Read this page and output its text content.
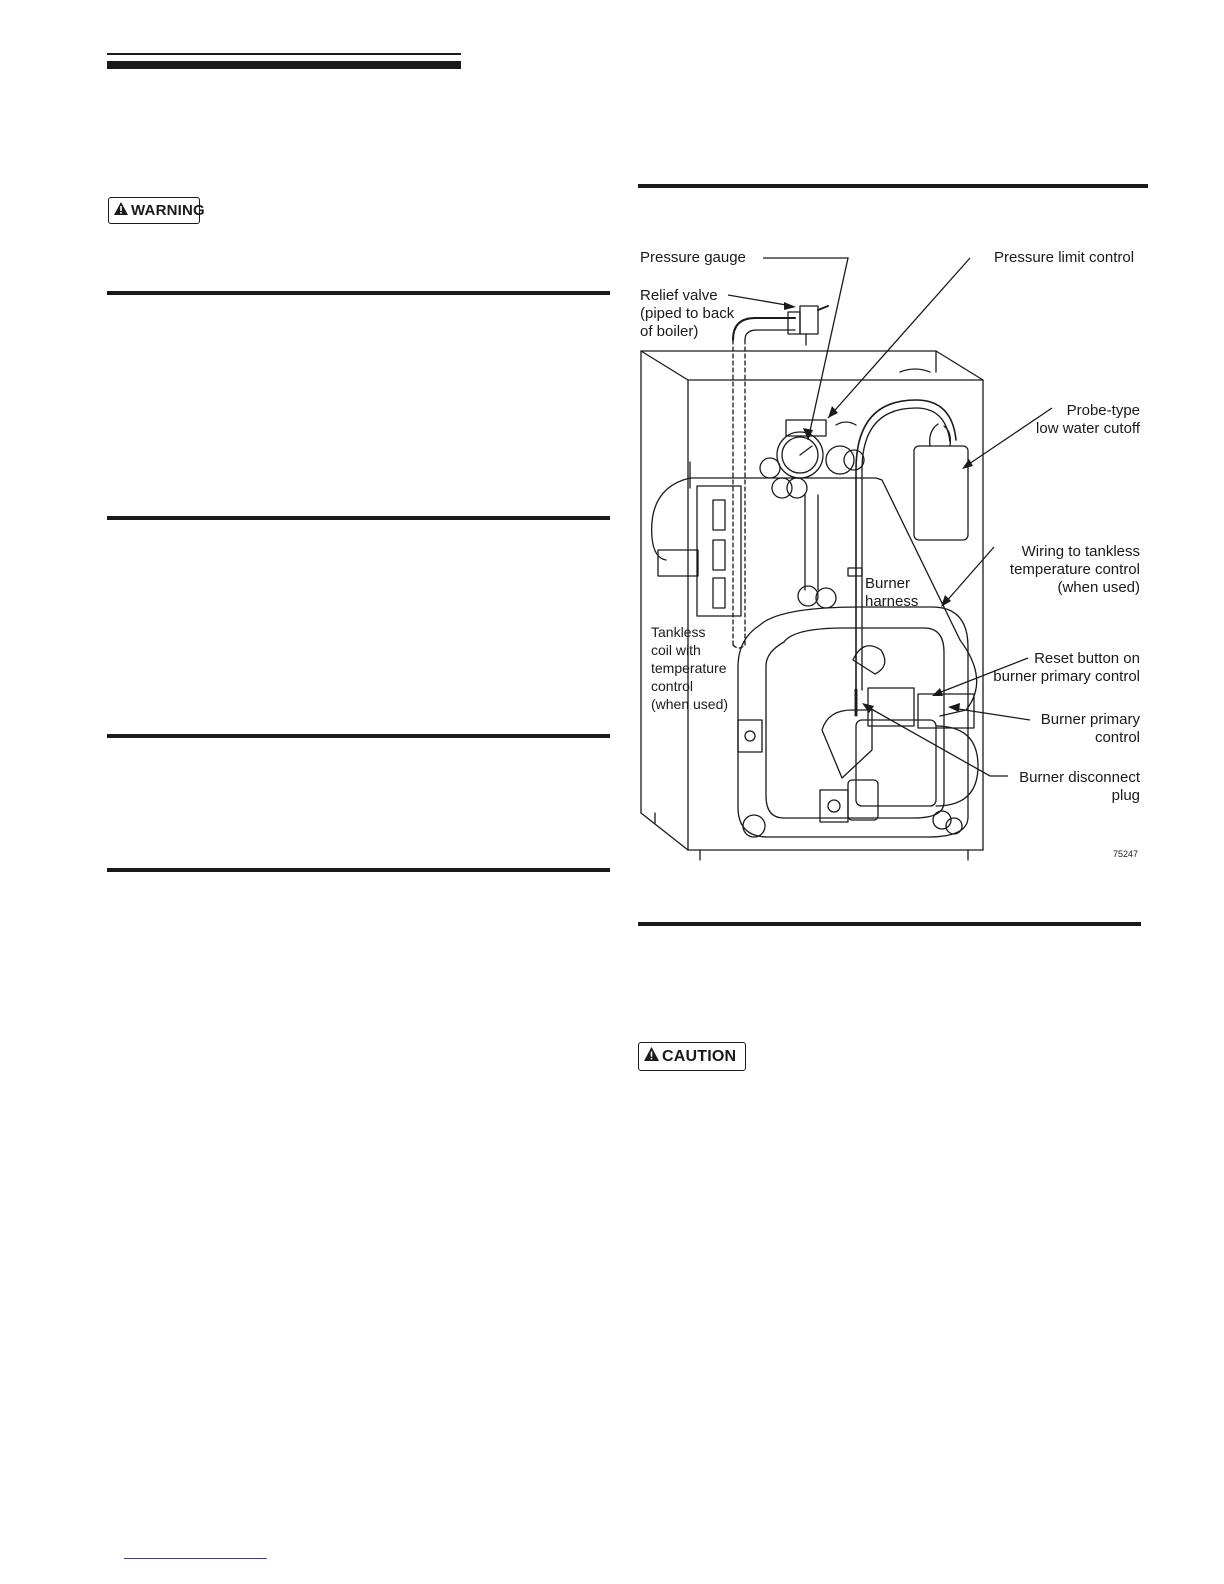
WARNING
CAUTION
Pressure gauge	Pressure limit control
Relief valve
(piped to back
of boiler)
Probe-type
low water cutoff
Wiring to tankless
temperature control
(when used)
Burner
harness
Tankless
coil with
temperature
control
(when used)
Reset button on
burner primary control
Burner primary
control
Burner disconnect
plug
75247
